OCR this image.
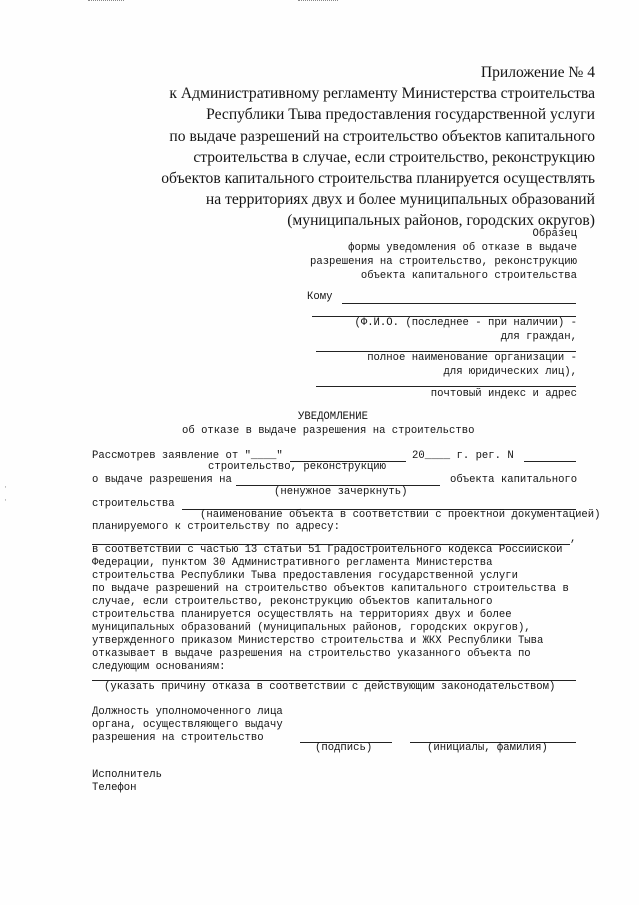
·
·
Приложение № 4
к Административному регламенту Министерства строительства
Республики Тыва предоставления государственной услуги
по выдаче разрешений на строительство объектов капитального
строительства в случае, если строительство, реконструкцию
объектов капитального строительства планируется осуществлять
на территориях двух и более муниципальных образований
(муниципальных районов, городских округов)
Образец
формы уведомления об отказе в выдаче
разрешения на строительство, реконструкцию
объекта капитального строительства
Кому
(Ф.И.О. (последнее - при наличии) -
для граждан,
полное наименование организации -
для юридических лиц),
почтовый индекс и адрес
УВЕДОМЛЕНИЕ
об отказе в выдаче разрешения на строительство
Рассмотрев заявление от "____"	20____ г. рег. N
строительство, реконструкцию
о выдаче разрешения на	объекта капитального
(ненужное зачеркнуть)
строительства
(наименование объекта в соответствии с проектной документацией)
планируемого к строительству по адресу:
,
в соответствии с частью 13 статьи 51 Градостроительного кодекса Российской
Федерации, пунктом 30 Административного регламента Министерства
строительства Республики Тыва предоставления государственной услуги
по выдаче разрешений на строительство объектов капитального строительства в
случае, если строительство, реконструкцию объектов капитального
строительства планируется осуществлять на территориях двух и более
муниципальных образований (муниципальных районов, городских округов),
утвержденного приказом Министерство строительства и ЖКХ Республики Тыва
отказывает в выдаче разрешения на строительство указанного объекта по
следующим основаниям:
(указать причину отказа в соответствии с действующим законодательством)
Должность уполномоченного лица
органа, осуществляющего выдачу
разрешения на строительство
(подпись)	(инициалы, фамилия)
Исполнитель
Телефон
